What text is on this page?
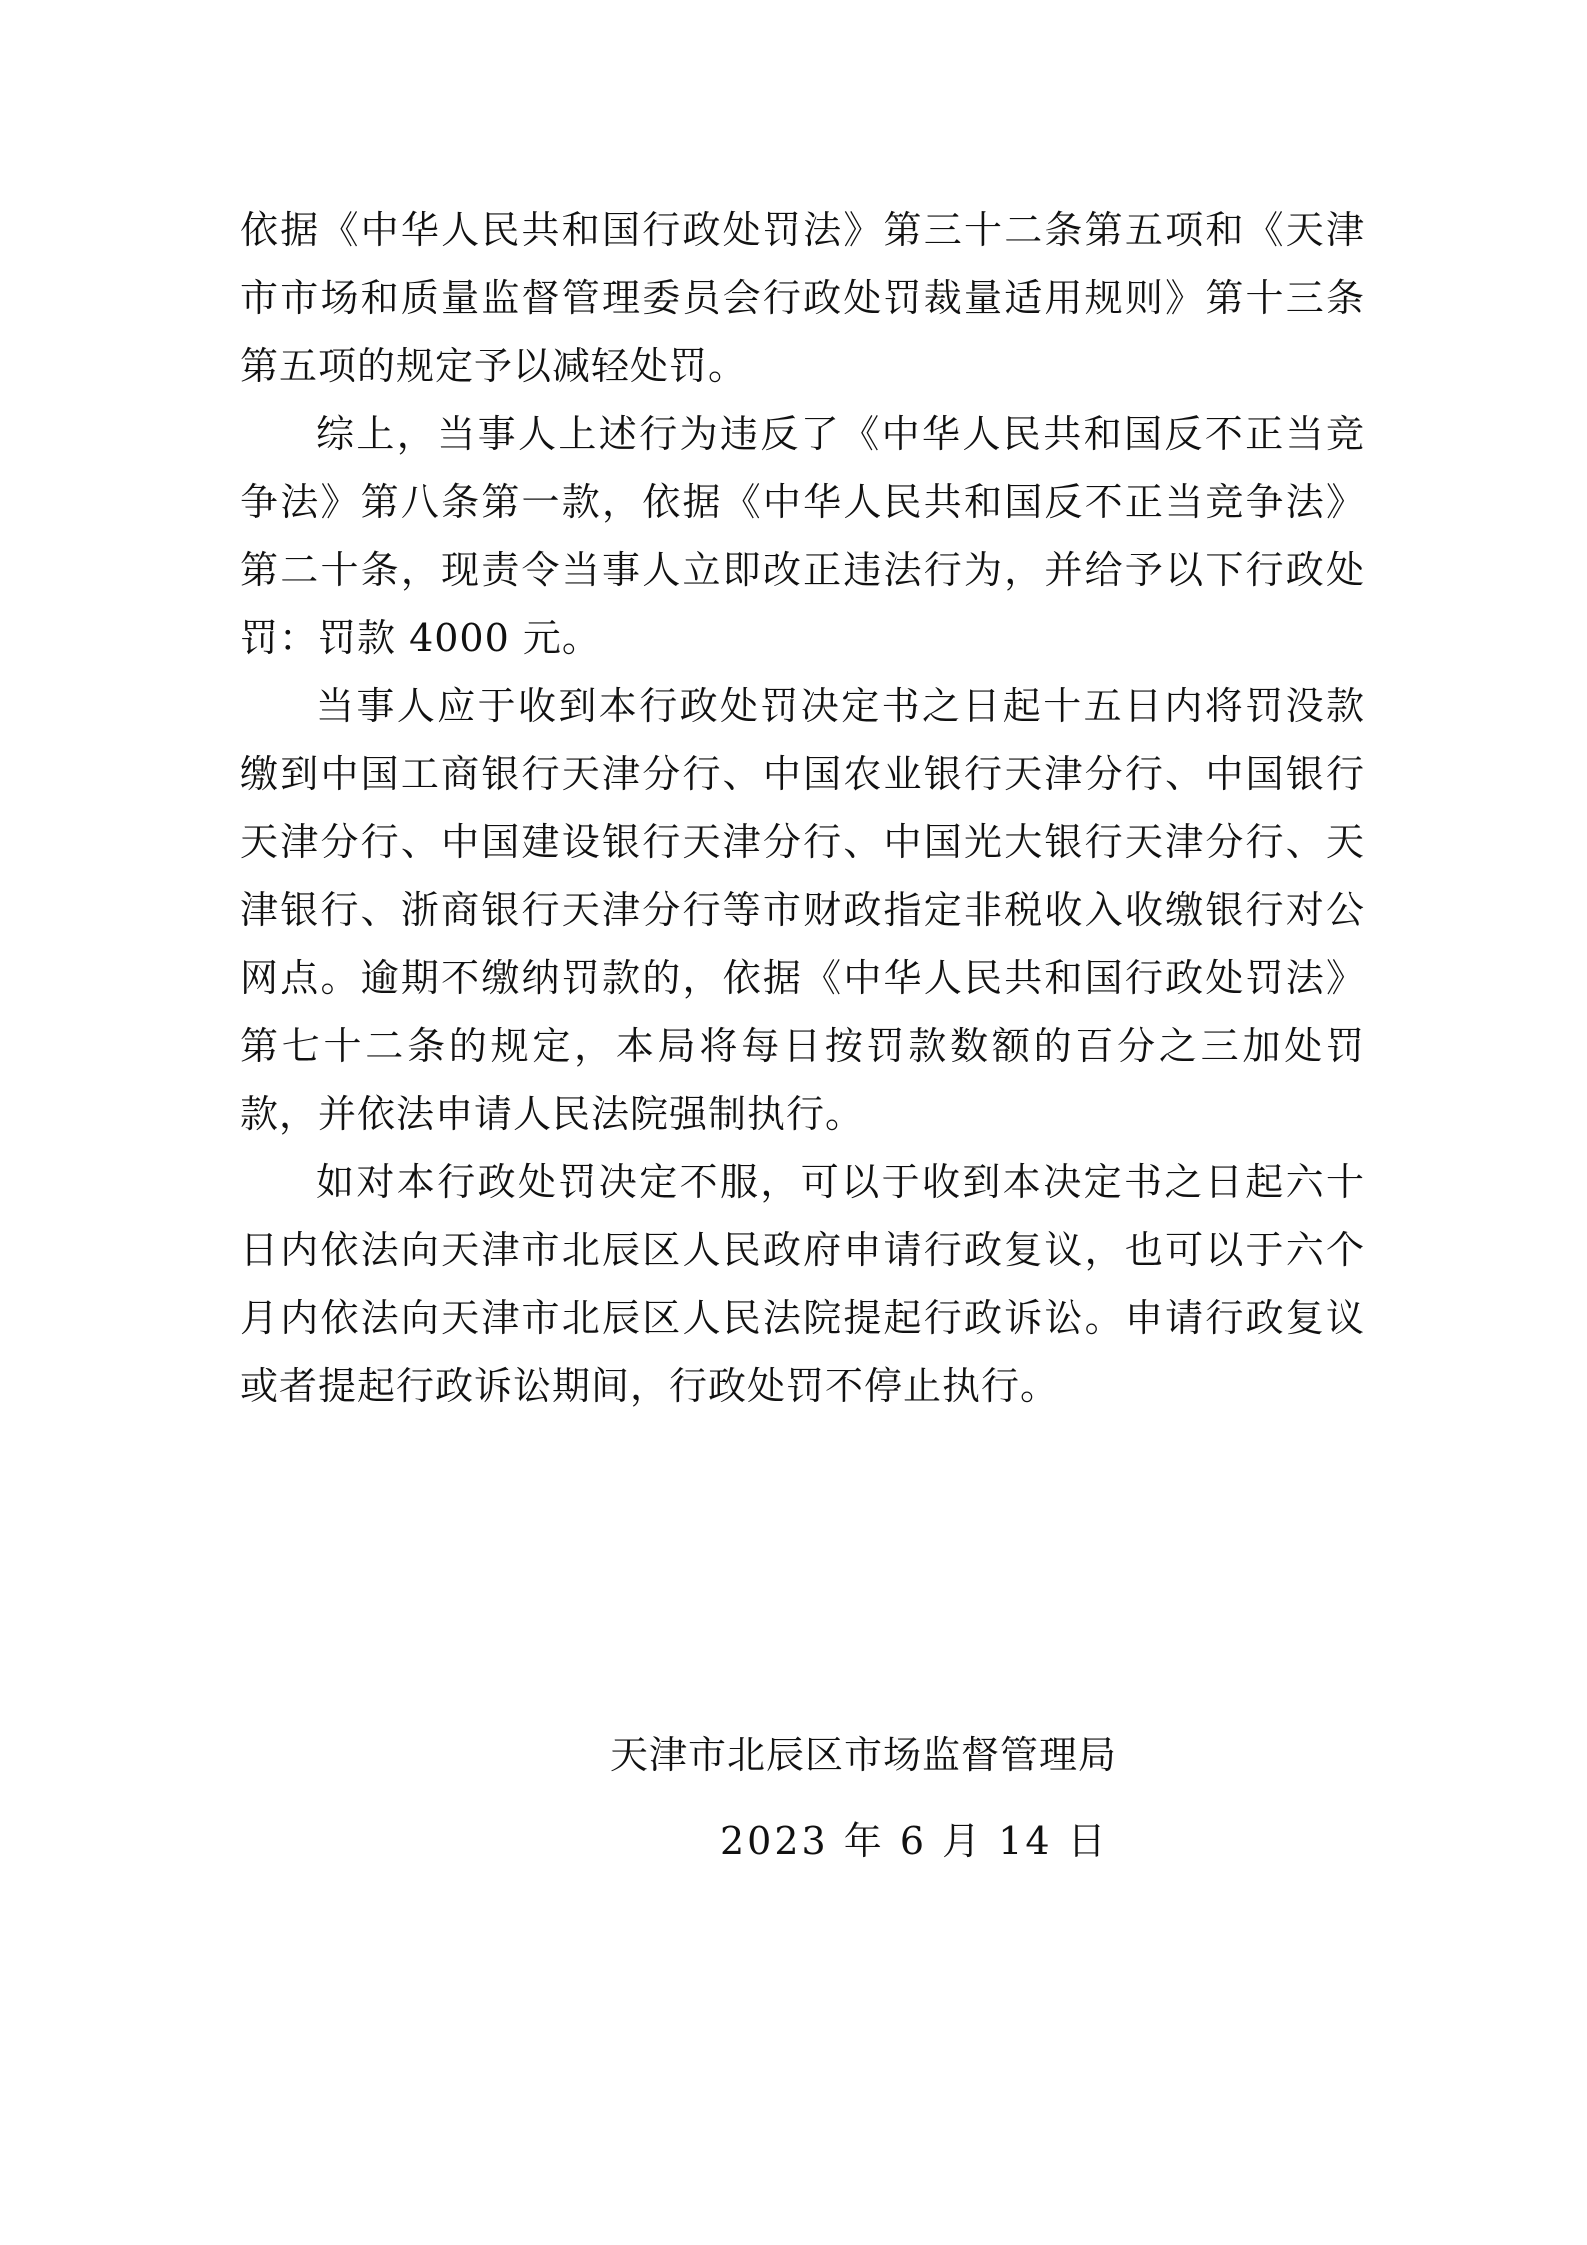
依据《中华人民共和国行政处罚法》第三十二条第五项和《天津市市场和质量监督管理委员会行政处罚裁量适用规则》第十三条第五项的规定予以减轻处罚。

综上，当事人上述行为违反了《中华人民共和国反不正当竞争法》第八条第一款，依据《中华人民共和国反不正当竞争法》第二十条，现责令当事人立即改正违法行为，并给予以下行政处罚：罚款 4000 元。

当事人应于收到本行政处罚决定书之日起十五日内将罚没款缴到中国工商银行天津分行、中国农业银行天津分行、中国银行天津分行、中国建设银行天津分行、中国光大银行天津分行、天津银行、浙商银行天津分行等市财政指定非税收入收缴银行对公网点。逾期不缴纳罚款的，依据《中华人民共和国行政处罚法》第七十二条的规定，本局将每日按罚款数额的百分之三加处罚款，并依法申请人民法院强制执行。

如对本行政处罚决定不服，可以于收到本决定书之日起六十日内依法向天津市北辰区人民政府申请行政复议，也可以于六个月内依法向天津市北辰区人民法院提起行政诉讼。申请行政复议或者提起行政诉讼期间，行政处罚不停止执行。

天津市北辰区市场监督管理局

2023 年 6 月 14 日
